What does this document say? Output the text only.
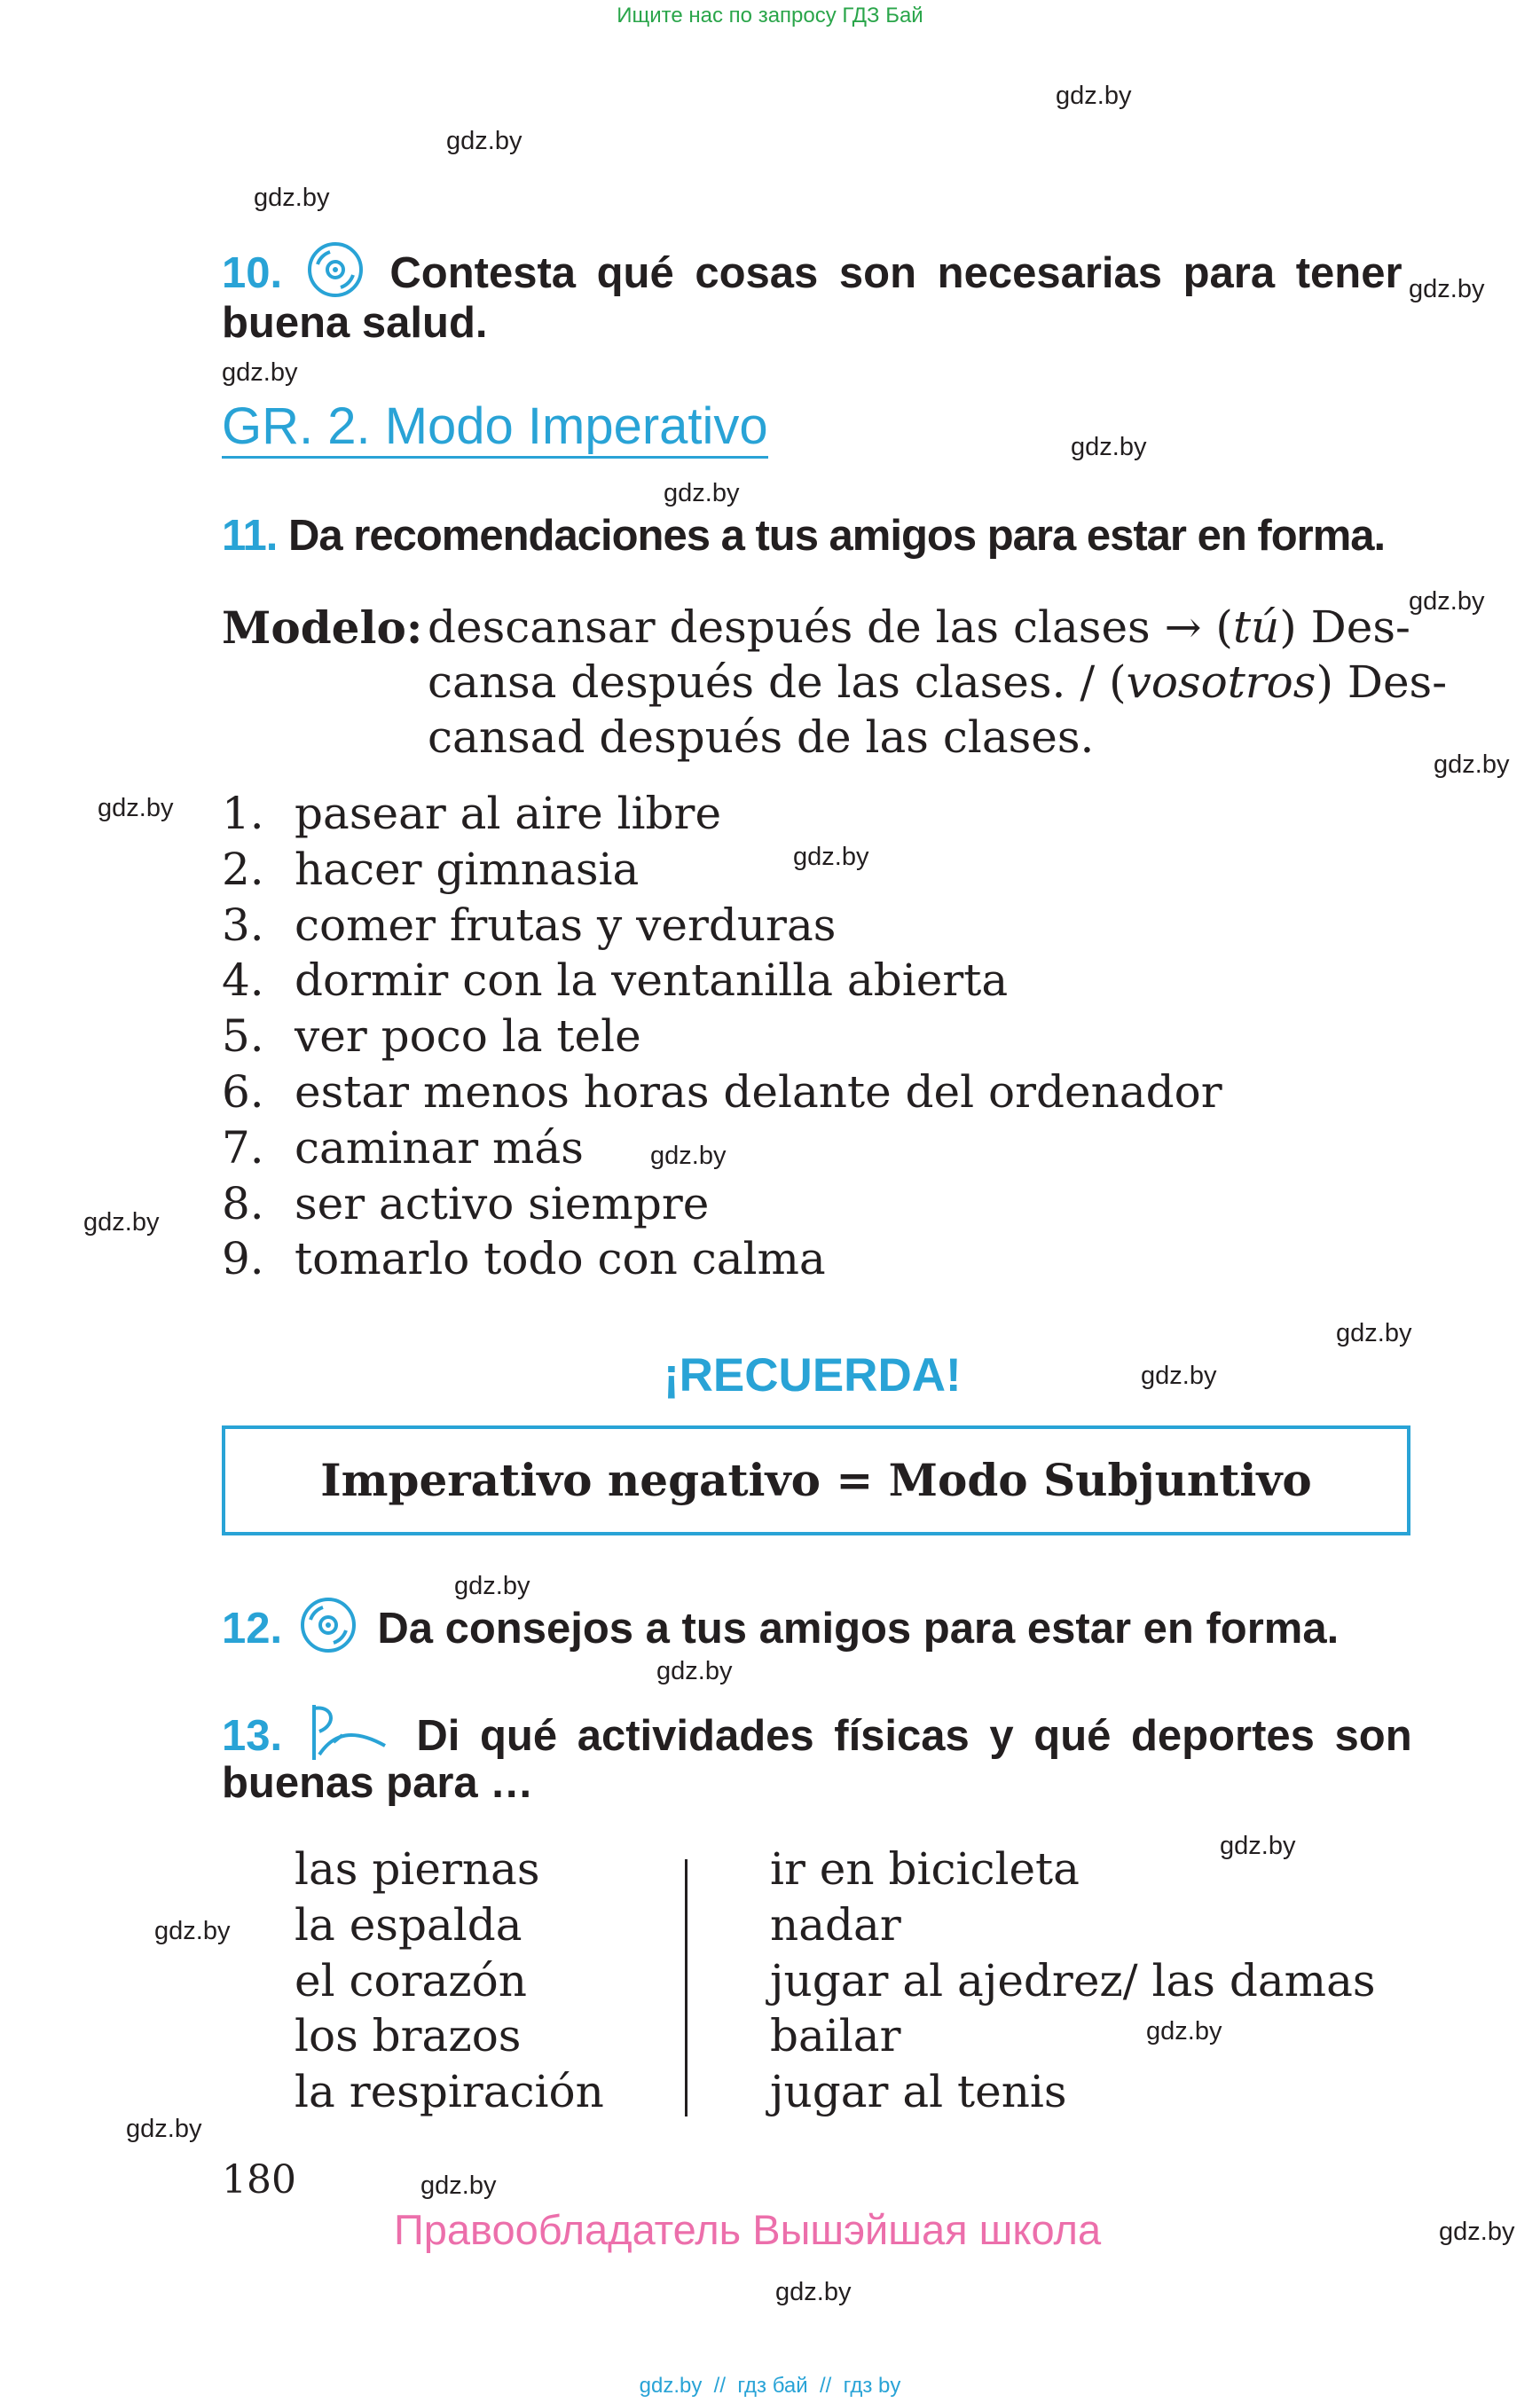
Ищите нас по запросу ГДЗ Бай
gdz.by
gdz.by
gdz.by
gdz.by
gdz.by
gdz.by
gdz.by
gdz.by
gdz.by
gdz.by
gdz.by
gdz.by
gdz.by
gdz.by
gdz.by
gdz.by
gdz.by
gdz.by
gdz.by
gdz.by
gdz.by
gdz.by
gdz.by
gdz.by
10. Contesta qué cosas son necesarias para tener
buena salud.
GR. 2. Modo Imperativo
11. Da recomendaciones a tus amigos para estar en forma.
Modelo: descansar después de las clases → (tú) Des-
cansa después de las clases. / (vosotros) Des-
cansad después de las clases.
1. pasear al aire libre
2. hacer gimnasia
3. comer frutas y verduras
4. dormir con la ventanilla abierta
5. ver poco la tele
6. estar menos horas delante del ordenador
7. caminar más
8. ser activo siempre
9. tomarlo todo con calma
¡RECUERDA!
Imperativo negativo = Modo Subjuntivo
12. Da consejos a tus amigos para estar en forma.
13.	Di qué actividades físicas y qué deportes son
buenas para …
las piernas
la espalda
el corazón
los brazos
la respiración
ir en bicicleta
nadar
jugar al ajedrez/ las damas
bailar
jugar al tenis
180
Правообладатель Вышэйшая школа
gdz.by  //  гдз бай  //  гдз by
